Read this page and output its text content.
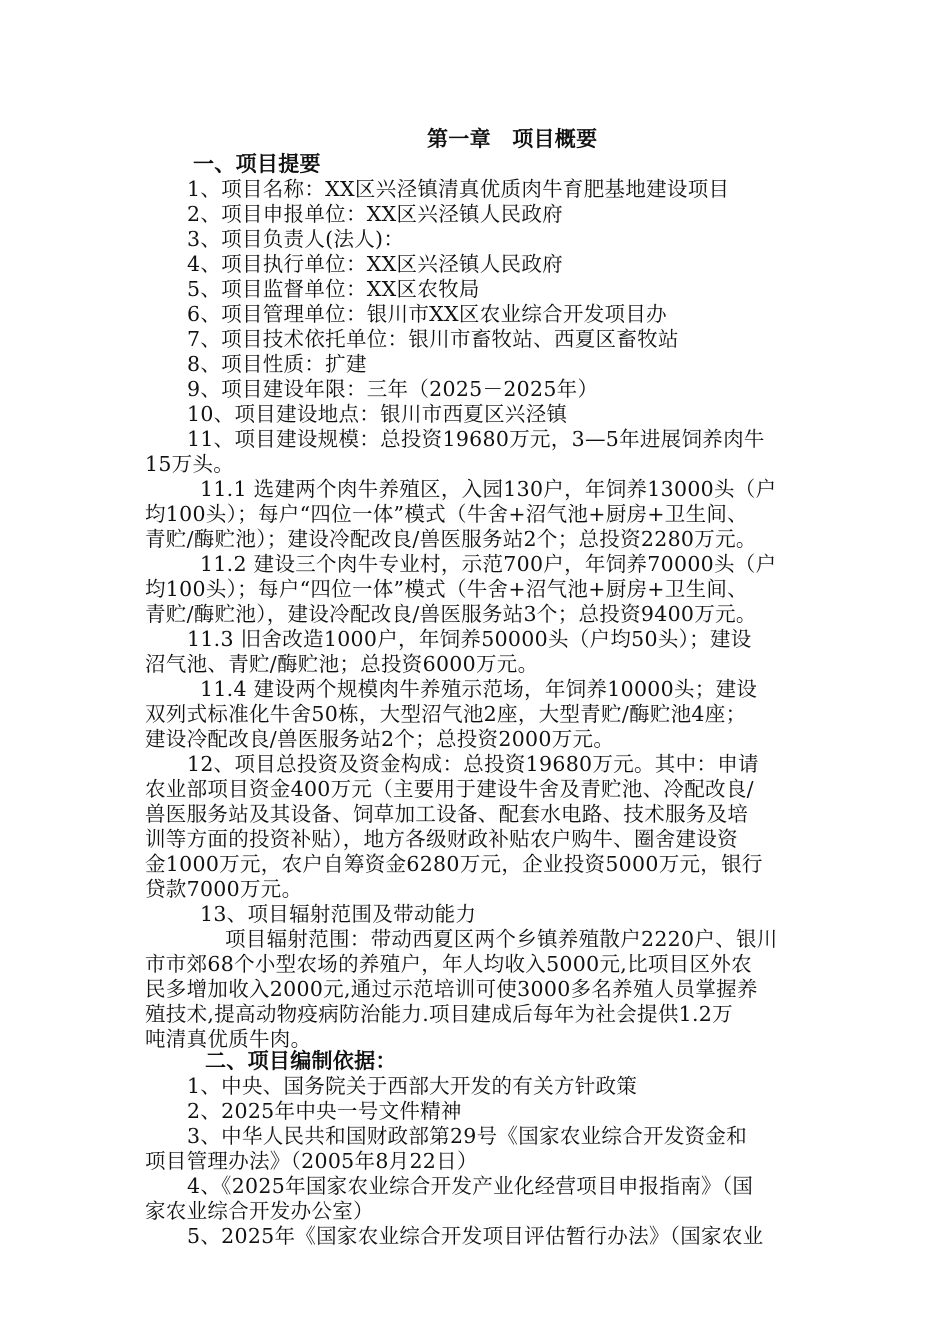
第一章　项目概要
一、项目提要
1、项目名称：XX区兴泾镇清真优质肉牛育肥基地建设项目
2、项目申报单位：XX区兴泾镇人民政府
3、项目负责人(法人)：
4、项目执行单位：XX区兴泾镇人民政府
5、项目监督单位：XX区农牧局
6、项目管理单位：银川市XX区农业综合开发项目办
7、项目技术依托单位：银川市畜牧站、西夏区畜牧站
8、项目性质：扩建
9、项目建设年限：三年（2025－2025年）
10、项目建设地点：银川市西夏区兴泾镇
11、项目建设规模：总投资19680万元，3—5年进展饲养肉牛
15万头。
11.1 选建两个肉牛养殖区，入园130户，年饲养13000头（户
均100头）；每户“四位一体”模式（牛舍+沼气池+厨房+卫生间、
青贮/酶贮池）；建设冷配改良/兽医服务站2个；总投资2280万元。
11.2 建设三个肉牛专业村，示范700户，年饲养70000头（户
均100头）；每户“四位一体”模式（牛舍+沼气池+厨房+卫生间、
青贮/酶贮池），建设冷配改良/兽医服务站3个；总投资9400万元。
11.3 旧舍改造1000户，年饲养50000头（户均50头）；建设
沼气池、青贮/酶贮池；总投资6000万元。
11.4 建设两个规模肉牛养殖示范场，年饲养10000头；建设
双列式标准化牛舍50栋，大型沼气池2座，大型青贮/酶贮池4座；
建设冷配改良/兽医服务站2个；总投资2000万元。
12、项目总投资及资金构成：总投资19680万元。其中：申请
农业部项目资金400万元（主要用于建设牛舍及青贮池、冷配改良/
兽医服务站及其设备、饲草加工设备、配套水电路、技术服务及培
训等方面的投资补贴），地方各级财政补贴农户购牛、圈舍建设资
金1000万元，农户自筹资金6280万元，企业投资5000万元，银行
贷款7000万元。
13、项目辐射范围及带动能力
项目辐射范围：带动西夏区两个乡镇养殖散户2220户、银川
市市郊68个小型农场的养殖户，年人均收入5000元,比项目区外农
民多增加收入2000元,通过示范培训可使3000多名养殖人员掌握养
殖技术,提高动物疫病防治能力.项目建成后每年为社会提供1.2万
吨清真优质牛肉。
二、项目编制依据：
1、中央、国务院关于西部大开发的有关方针政策
2、2025年中央一号文件精神
3、中华人民共和国财政部第29号《国家农业综合开发资金和
项目管理办法》（2005年8月22日）
4、《2025年国家农业综合开发产业化经营项目申报指南》（国
家农业综合开发办公室）
5、2025年《国家农业综合开发项目评估暂行办法》（国家农业
